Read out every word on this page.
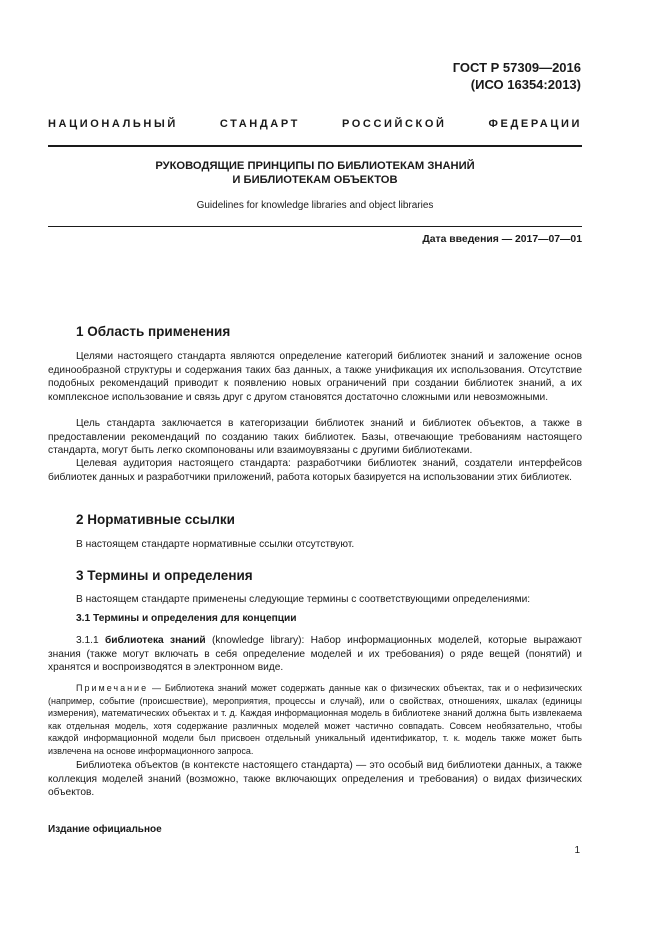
ГОСТ Р 57309—2016
(ИСО 16354:2013)
НАЦИОНАЛЬНЫЙ СТАНДАРТ РОССИЙСКОЙ ФЕДЕРАЦИИ
РУКОВОДЯЩИЕ ПРИНЦИПЫ ПО БИБЛИОТЕКАМ ЗНАНИЙ
И БИБЛИОТЕКАМ ОБЪЕКТОВ
Guidelines for knowledge libraries and object libraries
Дата введения — 2017—07—01
1 Область применения
Целями настоящего стандарта являются определение категорий библиотек знаний и заложение основ единообразной структуры и содержания таких баз данных, а также унификация их использования. Отсутствие подобных рекомендаций приводит к появлению новых ограничений при создании библиотек знаний, а их комплексное использование и связь друг с другом становятся достаточно сложными или невозможными.
Цель стандарта заключается в категоризации библиотек знаний и библиотек объектов, а также в предоставлении рекомендаций по созданию таких библиотек. Базы, отвечающие требованиям настоящего стандарта, могут быть легко скомпонованы или взаимоувязаны с другими библиотеками.
Целевая аудитория настоящего стандарта: разработчики библиотек знаний, создатели интерфейсов библиотек данных и разработчики приложений, работа которых базируется на использовании этих библиотек.
2 Нормативные ссылки
В настоящем стандарте нормативные ссылки отсутствуют.
3 Термины и определения
В настоящем стандарте применены следующие термины с соответствующими определениями:
3.1 Термины и определения для концепции
3.1.1 библиотека знаний (knowledge library): Набор информационных моделей, которые выражают знания (также могут включать в себя определение моделей и их требования) о ряде вещей (понятий) и хранятся и воспроизводятся в электронном виде.
Примечание — Библиотека знаний может содержать данные как о физических объектах, так и о нефизических (например, событие (происшествие), мероприятия, процессы и случай), или о свойствах, отношениях, шкалах (единицы измерения), математических объектах и т. д. Каждая информационная модель в библиотеке знаний должна быть извлекаема как отдельная модель, хотя содержание различных моделей может частично совпадать. Совсем необязательно, чтобы каждой информационной модели был присвоен отдельный уникальный идентификатор, т. к. модель также может быть извлечена на основе информационного запроса.
Библиотека объектов (в контексте настоящего стандарта) — это особый вид библиотеки данных, а также коллекция моделей знаний (возможно, также включающих определения и требования) о видах физических объектов.
Издание официальное
1
